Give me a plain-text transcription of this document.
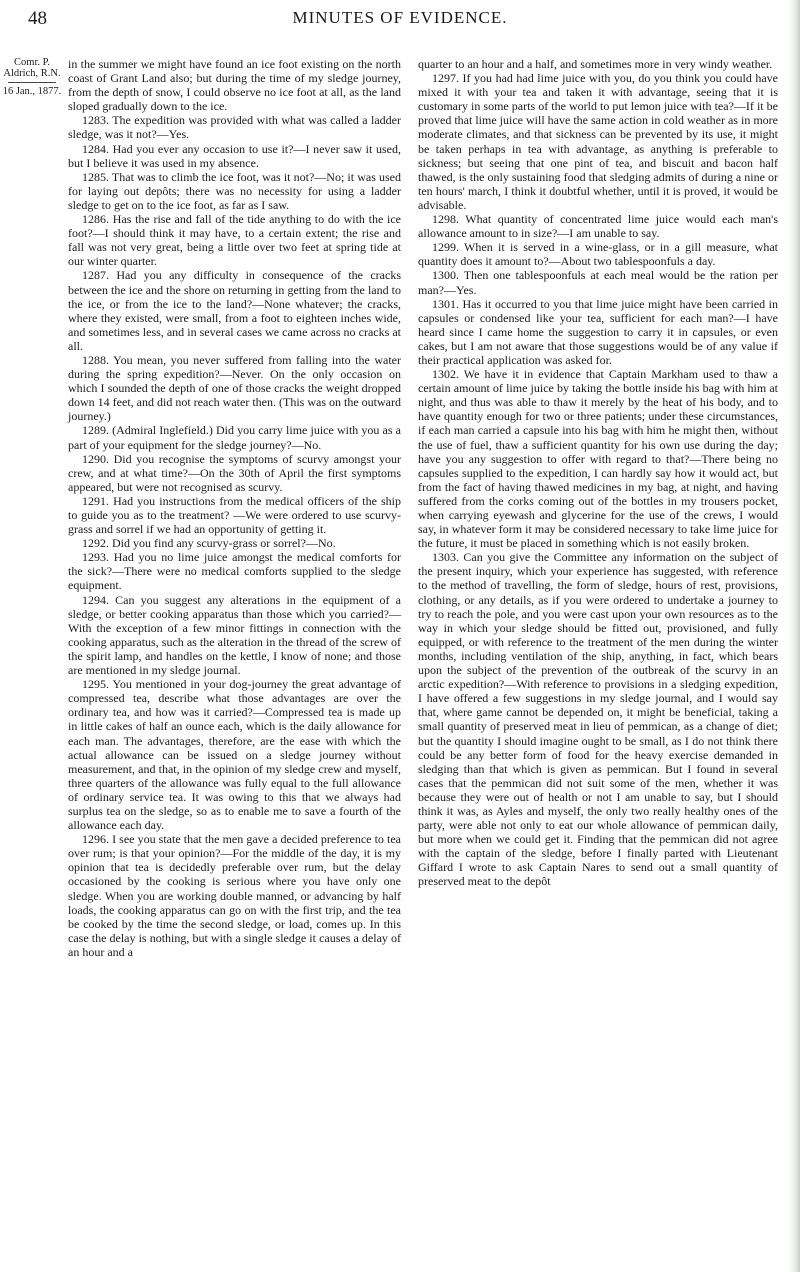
48	MINUTES OF EVIDENCE.
Comr. P. Aldrich, R.N.
16 Jan., 1877.

in the summer we might have found an ice foot existing on the north coast of Grant Land also; but during the time of my sledge journey, from the depth of snow, I could observe no ice foot at all, as the land sloped gradually down to the ice.

1283. The expedition was provided with what was called a ladder sledge, was it not?—Yes.

1284. Had you ever any occasion to use it?—I never saw it used, but I believe it was used in my absence.

1285. That was to climb the ice foot, was it not?—No; it was used for laying out depôts; there was no necessity for using a ladder sledge to get on to the ice foot, as far as I saw.

1286. Has the rise and fall of the tide anything to do with the ice foot?—I should think it may have, to a certain extent; the rise and fall was not very great, being a little over two feet at spring tide at our winter quarter.

1287. Had you any difficulty in consequence of the cracks between the ice and the shore on returning in getting from the land to the ice, or from the ice to the land?—None whatever; the cracks, where they existed, were small, from a foot to eighteen inches wide, and sometimes less, and in several cases we came across no cracks at all.

1288. You mean, you never suffered from falling into the water during the spring expedition?—Never. On the only occasion on which I sounded the depth of one of those cracks the weight dropped down 14 feet, and did not reach water then. (This was on the outward journey.)

1289. (Admiral Inglefield.) Did you carry lime juice with you as a part of your equipment for the sledge journey?—No.

1290. Did you recognise the symptoms of scurvy amongst your crew, and at what time?—On the 30th of April the first symptoms appeared, but were not recognised as scurvy.

1291. Had you instructions from the medical officers of the ship to guide you as to the treatment? —We were ordered to use scurvy-grass and sorrel if we had an opportunity of getting it.

1292. Did you find any scurvy-grass or sorrel?—No.

1293. Had you no lime juice amongst the medical comforts for the sick?—There were no medical comforts supplied to the sledge equipment.

1294. Can you suggest any alterations in the equipment of a sledge, or better cooking apparatus than those which you carried?—With the exception of a few minor fittings in connection with the cooking apparatus, such as the alteration in the thread of the screw of the spirit lamp, and handles on the kettle, I know of none; and those are mentioned in my sledge journal.

1295. You mentioned in your dog-journey the great advantage of compressed tea, describe what those advantages are over the ordinary tea, and how was it carried?—Compressed tea is made up in little cakes of half an ounce each, which is the daily allowance for each man. The advantages, therefore, are the ease with which the actual allowance can be issued on a sledge journey without measurement, and that, in the opinion of my sledge crew and myself, three quarters of the allowance was fully equal to the full allowance of ordinary service tea. It was owing to this that we always had surplus tea on the sledge, so as to enable me to save a fourth of the allowance each day.

1296. I see you state that the men gave a decided preference to tea over rum; is that your opinion?—For the middle of the day, it is my opinion that tea is decidedly preferable over rum, but the delay occasioned by the cooking is serious where you have only one sledge. When you are working double manned, or advancing by half loads, the cooking apparatus can go on with the first trip, and the tea be cooked by the time the second sledge, or load, comes up. In this case the delay is nothing, but with a single sledge it causes a delay of an hour and a

quarter to an hour and a half, and sometimes more in very windy weather.

1297. If you had had lime juice with you, do you think you could have mixed it with your tea and taken it with advantage, seeing that it is customary in some parts of the world to put lemon juice with tea?—If it be proved that lime juice will have the same action in cold weather as in more moderate climates, and that sickness can be prevented by its use, it might be taken perhaps in tea with advantage, as anything is preferable to sickness; but seeing that one pint of tea, and biscuit and bacon half thawed, is the only sustaining food that sledging admits of during a nine or ten hours' march, I think it doubtful whether, until it is proved, it would be advisable.

1298. What quantity of concentrated lime juice would each man's allowance amount to in size?—I am unable to say.

1299. When it is served in a wine-glass, or in a gill measure, what quantity does it amount to?—About two tablespoonfuls a day.

1300. Then one tablespoonfuls at each meal would be the ration per man?—Yes.

1301. Has it occurred to you that lime juice might have been carried in capsules or condensed like your tea, sufficient for each man?—I have heard since I came home the suggestion to carry it in capsules, or even cakes, but I am not aware that those suggestions would be of any value if their practical application was asked for.

1302. We have it in evidence that Captain Markham used to thaw a certain amount of lime juice by taking the bottle inside his bag with him at night, and thus was able to thaw it merely by the heat of his body, and to have quantity enough for two or three patients; under these circumstances, if each man carried a capsule into his bag with him he might then, without the use of fuel, thaw a sufficient quantity for his own use during the day; have you any suggestion to offer with regard to that?—There being no capsules supplied to the expedition, I can hardly say how it would act, but from the fact of having thawed medicines in my bag, at night, and having suffered from the corks coming out of the bottles in my trousers pocket, when carrying eyewash and glycerine for the use of the crews, I would say, in whatever form it may be considered necessary to take lime juice for the future, it must be placed in something which is not easily broken.

1303. Can you give the Committee any information on the subject of the present inquiry, which your experience has suggested, with reference to the method of travelling, the form of sledge, hours of rest, provisions, clothing, or any details, as if you were ordered to undertake a journey to try to reach the pole, and you were cast upon your own resources as to the way in which your sledge should be fitted out, provisioned, and fully equipped, or with reference to the treatment of the men during the winter months, including ventilation of the ship, anything, in fact, which bears upon the subject of the prevention of the outbreak of the scurvy in an arctic expedition?—With reference to provisions in a sledging expedition, I have offered a few suggestions in my sledge journal, and I would say that, where game cannot be depended on, it might be beneficial, taking a small quantity of preserved meat in lieu of pemmican, as a change of diet; but the quantity I should imagine ought to be small, as I do not think there could be any better form of food for the heavy exercise demanded in sledging than that which is given as pemmican. But I found in several cases that the pemmican did not suit some of the men, whether it was because they were out of health or not I am unable to say, but I should think it was, as Ayles and myself, the only two really healthy ones of the party, were able not only to eat our whole allowance of pemmican daily, but more when we could get it. Finding that the pemmican did not agree with the captain of the sledge, before I finally parted with Lieutenant Giffard I wrote to ask Captain Nares to send out a small quantity of preserved meat to the depôt
